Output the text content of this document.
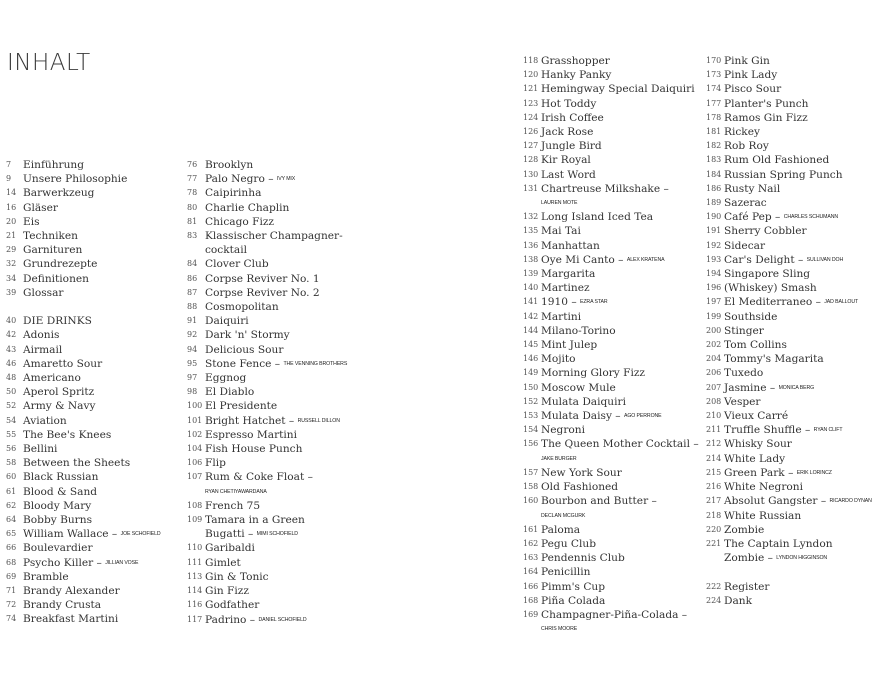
INHALT
7	Einführung
9	Unsere Philosophie
14 Barwerkzeug
16 Gläser
20 Eis
21 Techniken
29 Garnituren
32 Grundrezepte
34 Definitionen
39 Glossar
40 DIE DRINKS
42 Adonis
43 Airmail
46 Amaretto Sour
48 Americano
50 Aperol Spritz
52 Army & Navy
54 Aviation
55 The Bee's Knees
56 Bellini
58 Between the Sheets
60 Black Russian
61 Blood & Sand
62 Bloody Mary
64 Bobby Burns
65 William Wallace –
JOE SCHOFIELD
66 Boulevardier
68 Psycho Killer –
JILLIAN VOSE
69 Bramble
71 Brandy Alexander
72 Brandy Crusta
74 Breakfast Martini
76 Brooklyn
77 Palo Negro –
IVY MIX
78 Caipirinha
80 Charlie Chaplin
81 Chicago Fizz
83 Klassischer Champagner-
cocktail
84 Clover Club
86 Corpse Reviver No. 1
87 Corpse Reviver No. 2
88 Cosmopolitan
91 Daiquiri
92 Dark 'n' Stormy
94 Delicious Sour
95 Stone Fence –
THE VENNING BROTHERS
97 Eggnog
98 El Diablo
100 El Presidente
101 Bright Hatchet –
RUSSELL DILLON
102 Espresso Martini
104 Fish House Punch
106 Flip
107 Rum & Coke Float –
RYAN CHETIYAWARDANA
108 French 75
109 Tamara in a Green
Bugatti –
MIMI SCHOFIELD
110 Garibaldi
111 Gimlet
113 Gin & Tonic
114 Gin Fizz
116 Godfather
117 Padrino –
DANIEL SCHOFIELD
118 Grasshopper
120 Hanky Panky
121 Hemingway Special Daiquiri
123 Hot Toddy
124 Irish Coffee
126 Jack Rose
127 Jungle Bird
128 Kir Royal
130 Last Word
131 Chartreuse Milkshake –
LAUREN MOTE
132 Long Island Iced Tea
135 Mai Tai
136 Manhattan
138 Oye Mi Canto –
ALEX KRATENA
139 Margarita
140 Martinez
141 1910 –
EZRA STAR
142 Martini
144 Milano-Torino
145 Mint Julep
146 Mojito
149 Morning Glory Fizz
150 Moscow Mule
152 Mulata Daiquiri
153 Mulata Daisy –
AGO PERRONE
154 Negroni
156 The Queen Mother Cocktail –
JAKE BURGER
157 New York Sour
158 Old Fashioned
160 Bourbon and Butter –
DECLAN MCGURK
161 Paloma
162 Pegu Club
163 Pendennis Club
164 Penicillin
166 Pimm's Cup
168 Piña Colada
169 Champagner-Piña-Colada –
CHRIS MOORE
170 Pink Gin
173 Pink Lady
174 Pisco Sour
177 Planter's Punch
178 Ramos Gin Fizz
181 Rickey
182 Rob Roy
183 Rum Old Fashioned
184 Russian Spring Punch
186 Rusty Nail
189 Sazerac
190 Café Pep –
CHARLES SCHUMANN
191 Sherry Cobbler
192 Sidecar
193 Car's Delight –
SULLIVAN DOH
194 Singapore Sling
196 (Whiskey) Smash
197 El Mediterraneo –
JAD BALLOUT
199 Southside
200 Stinger
202 Tom Collins
204 Tommy's Magarita
206 Tuxedo
207 Jasmine –
MONICA BERG
208 Vesper
210 Vieux Carré
211 Truffle Shuffle –
RYAN CLIFT
212 Whisky Sour
214 White Lady
215 Green Park –
ERIK LORINCZ
216 White Negroni
217 Absolut Gangster –
RICARDO DYNAN
218 White Russian
220 Zombie
221 The Captain Lyndon
Zombie –
LYNDON HIGGINSON
222 Register
224 Dank
